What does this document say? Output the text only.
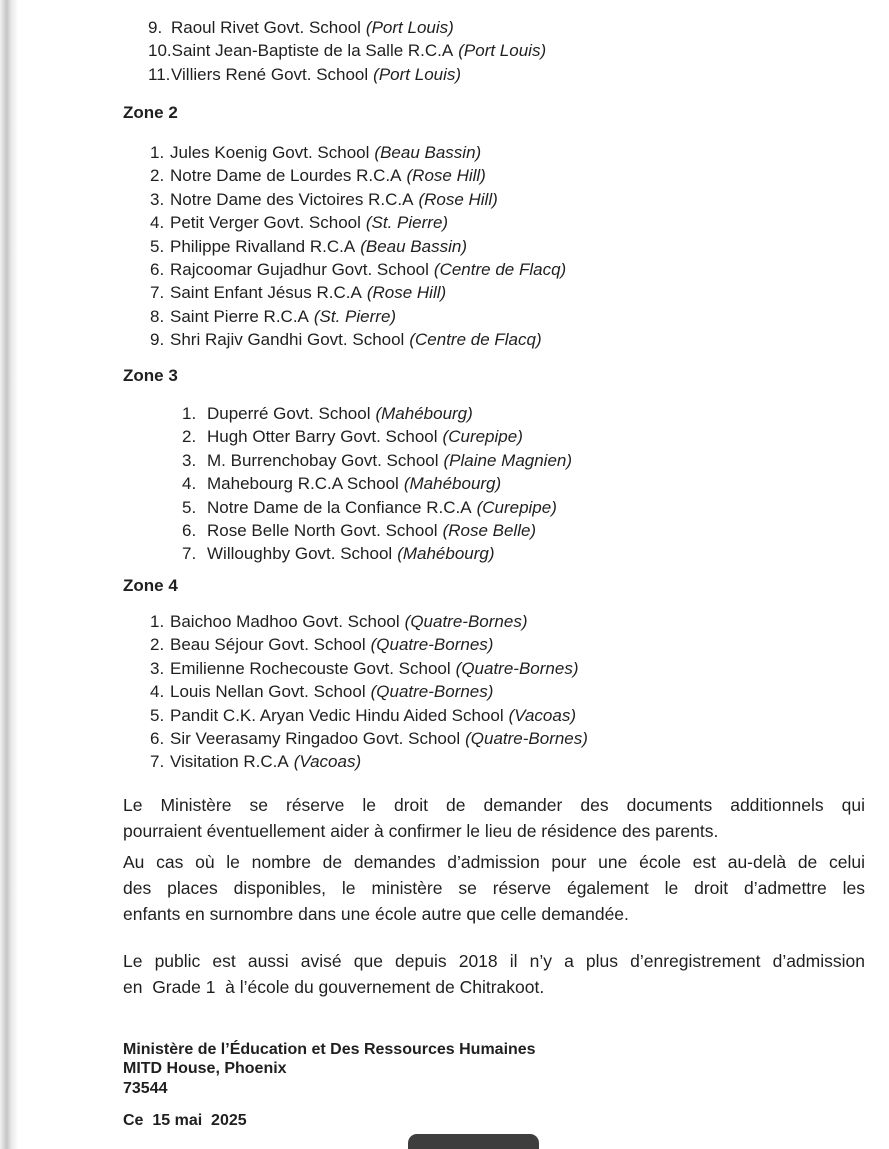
9. Raoul Rivet Govt. School (Port Louis)
10. Saint Jean-Baptiste de la Salle R.C.A (Port Louis)
11. Villiers René Govt. School (Port Louis)
Zone 2
1. Jules Koenig Govt. School (Beau Bassin)
2. Notre Dame de Lourdes R.C.A (Rose Hill)
3. Notre Dame des Victoires R.C.A (Rose Hill)
4. Petit Verger Govt. School (St. Pierre)
5. Philippe Rivalland R.C.A (Beau Bassin)
6. Rajcoomar Gujadhur Govt. School (Centre de Flacq)
7. Saint Enfant Jésus R.C.A (Rose Hill)
8. Saint Pierre R.C.A (St. Pierre)
9. Shri Rajiv Gandhi Govt. School (Centre de Flacq)
Zone 3
1. Duperré Govt. School (Mahébourg)
2. Hugh Otter Barry Govt. School (Curepipe)
3. M. Burrenchobay Govt. School (Plaine Magnien)
4. Mahebourg R.C.A School (Mahébourg)
5. Notre Dame de la Confiance R.C.A (Curepipe)
6. Rose Belle North Govt. School (Rose Belle)
7. Willoughby Govt. School (Mahébourg)
Zone 4
1. Baichoo Madhoo Govt. School (Quatre-Bornes)
2. Beau Séjour Govt. School (Quatre-Bornes)
3. Emilienne Rochecouste Govt. School (Quatre-Bornes)
4. Louis Nellan Govt. School (Quatre-Bornes)
5. Pandit C.K. Aryan Vedic Hindu Aided School (Vacoas)
6. Sir Veerasamy Ringadoo Govt. School (Quatre-Bornes)
7. Visitation R.C.A (Vacoas)
Le Ministère se réserve le droit de demander des documents additionnels qui
pourraient éventuellement aider à confirmer le lieu de résidence des parents.
Au cas où le nombre de demandes d’admission pour une école est au-delà de celui
des places disponibles, le ministère se réserve également le droit d’admettre les
enfants en surnombre dans une école autre que celle demandée.
Le public est aussi avisé que depuis 2018 il n’y a plus d’enregistrement d’admission
en  Grade 1  à l’école du gouvernement de Chitrakoot.
Ministère de l’Éducation et Des Ressources Humaines
MITD House, Phoenix
73544
Ce  15 mai  2025
